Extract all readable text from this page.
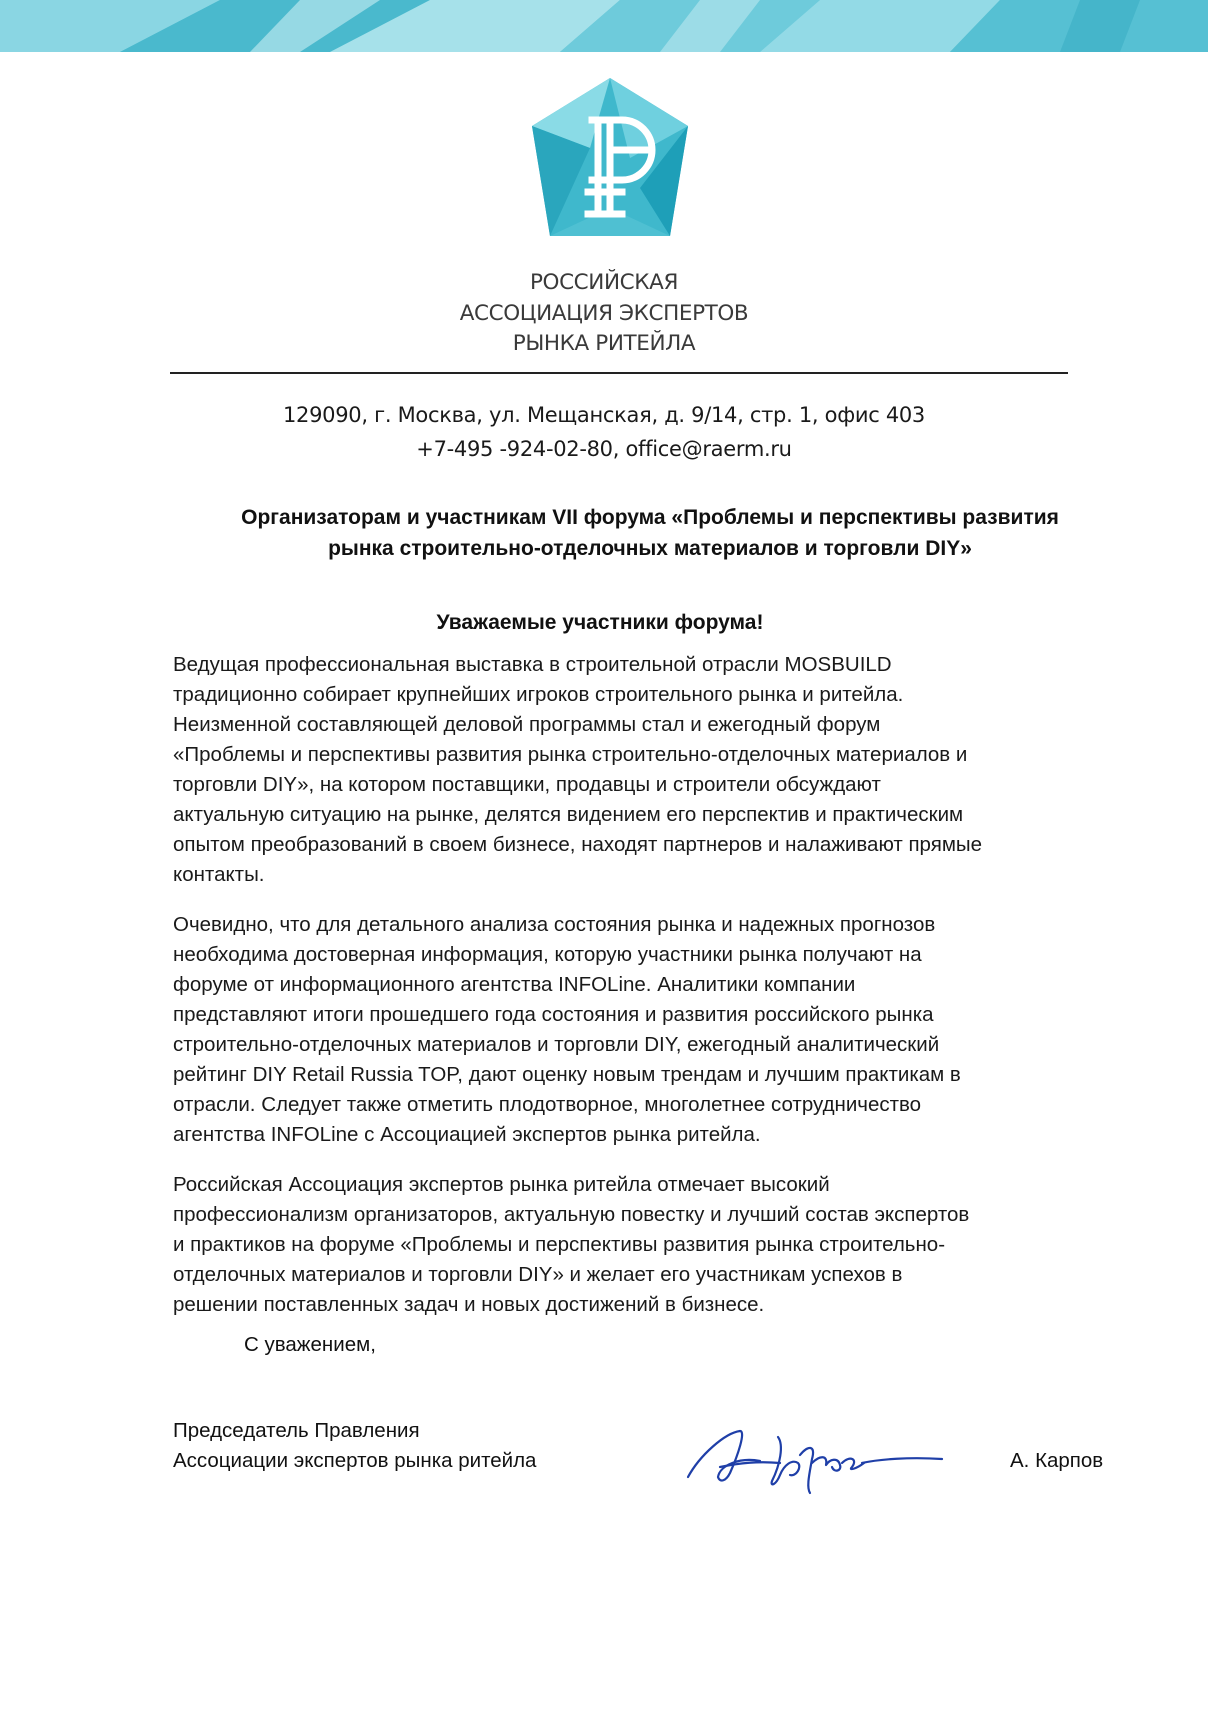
РОССИЙСКАЯ
АССОЦИАЦИЯ ЭКСПЕРТОВ
РЫНКА РИТЕЙЛА
129090, г. Москва, ул. Мещанская, д. 9/14, стр. 1, офис 403
+7-495 -924-02-80, office@raerm.ru
Организаторам и участникам VII форума «Проблемы и перспективы развития
рынка строительно-отделочных материалов и торговли DIY»
Уважаемые участники форума!

Ведущая профессиональная выставка в строительной отрасли MOSBUILD
традиционно собирает крупнейших игроков строительного рынка и ритейла.
Неизменной составляющей деловой программы стал и ежегодный форум
«Проблемы и перспективы развития рынка строительно-отделочных материалов и
торговли DIY», на котором поставщики, продавцы и строители обсуждают
актуальную ситуацию на рынке, делятся видением его перспектив и практическим
опытом преобразований в своем бизнесе, находят партнеров и налаживают прямые
контакты.

Очевидно, что для детального анализа состояния рынка и надежных прогнозов
необходима достоверная информация, которую участники рынка получают на
форуме от информационного агентства INFOLine. Аналитики компании
представляют итоги прошедшего года состояния и развития российского рынка
строительно-отделочных материалов и торговли DIY, ежегодный аналитический
рейтинг DIY Retail Russia TOP, дают оценку новым трендам и лучшим практикам в
отрасли. Следует также отметить плодотворное, многолетнее сотрудничество
агентства INFOLine с Ассоциацией экспертов рынка ритейла.

Российская Ассоциация экспертов рынка ритейла отмечает высокий
профессионализм организаторов, актуальную повестку и лучший состав экспертов
и практиков на форуме «Проблемы и перспективы развития рынка строительно-
отделочных материалов и торговли DIY» и желает его участникам успехов в
решении поставленных задач и новых достижений в бизнесе.

С уважением,
Председатель Правления
Ассоциации экспертов рынка ритейла	А. Карпов
